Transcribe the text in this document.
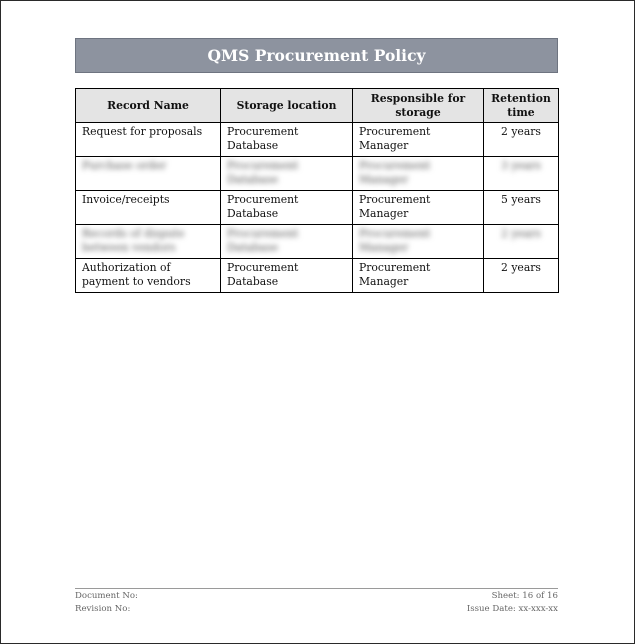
QMS Procurement Policy
Record Name	Storage location	Responsible for storage	Retention time

Request for proposals	Procurement Database	Procurement Manager	2 years

Purchase order	Procurement Database	Procurement Manager	3 years

Invoice/receipts	Procurement Database	Procurement Manager	5 years

Records of dispute between vendors	Procurement Database	Procurement Manager	2 years

Authorization of payment to vendors	Procurement Database	Procurement Manager	2 years
Document No:	Sheet: 16 of 16
Revision No:	Issue Date: xx-xxx-xx
